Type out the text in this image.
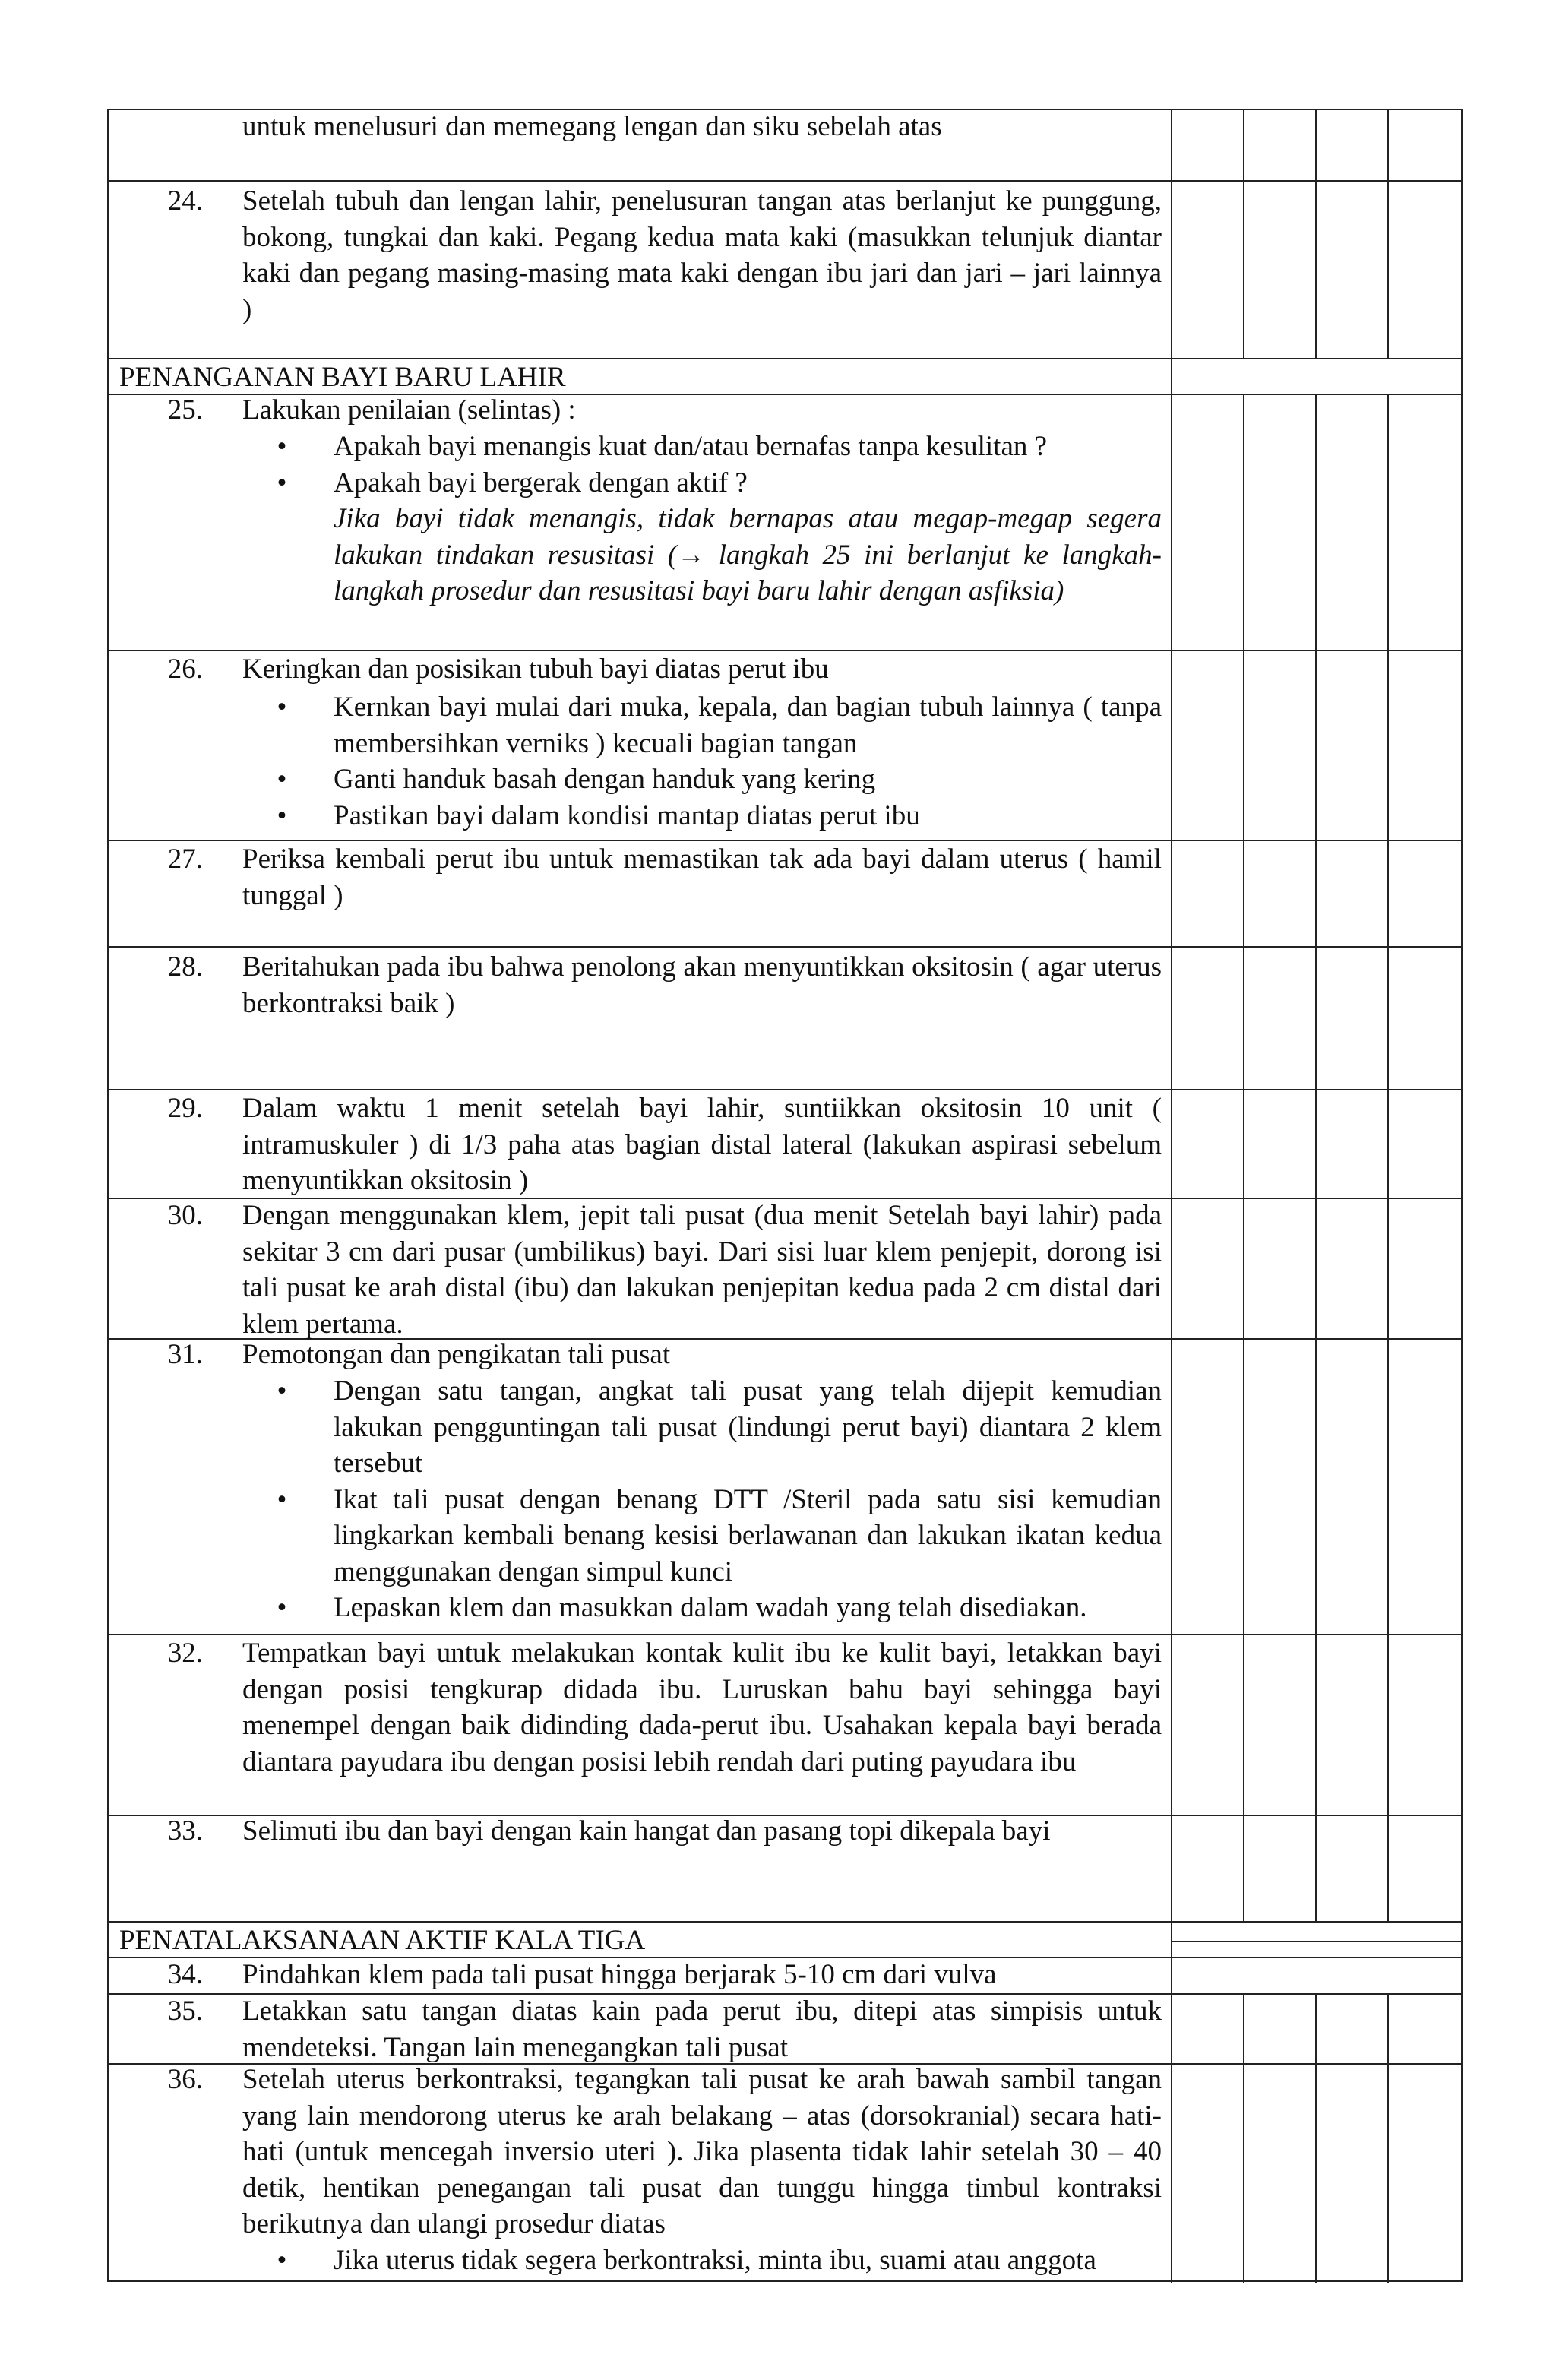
untuk menelusuri dan memegang lengan dan siku sebelah atas
24. Setelah tubuh dan lengan lahir, penelusuran tangan atas berlanjut ke punggung, bokong, tungkai dan kaki. Pegang kedua mata kaki (masukkan telunjuk diantar kaki dan pegang masing-masing mata kaki dengan ibu jari dan jari – jari lainnya )
PENANGANAN BAYI BARU LAHIR
25. Lakukan penilaian (selintas) :
• Apakah bayi menangis kuat dan/atau bernafas tanpa kesulitan ?
• Apakah bayi bergerak dengan aktif ?
Jika bayi tidak menangis, tidak bernapas atau megap-megap segera lakukan tindakan resusitasi (→ langkah 25 ini berlanjut ke langkah-langkah prosedur dan resusitasi bayi baru lahir dengan asfiksia)
26. Keringkan dan posisikan tubuh bayi diatas perut ibu
• Kernkan bayi mulai dari muka, kepala, dan bagian tubuh lainnya ( tanpa membersihkan verniks ) kecuali bagian tangan
• Ganti handuk basah dengan handuk yang kering
• Pastikan bayi dalam kondisi mantap diatas perut ibu
27. Periksa kembali perut ibu untuk memastikan tak ada bayi dalam uterus ( hamil tunggal )
28. Beritahukan pada ibu bahwa penolong akan menyuntikkan oksitosin ( agar uterus berkontraksi baik )
29. Dalam waktu 1 menit setelah bayi lahir, suntiikkan oksitosin 10 unit ( intramuskuler ) di 1/3 paha atas bagian distal lateral (lakukan aspirasi sebelum menyuntikkan oksitosin )
30. Dengan menggunakan klem, jepit tali pusat (dua menit Setelah bayi lahir) pada sekitar 3 cm dari pusar (umbilikus) bayi. Dari sisi luar klem penjepit, dorong isi tali pusat ke arah distal (ibu) dan lakukan penjepitan kedua pada 2 cm distal dari klem pertama.
31. Pemotongan dan pengikatan tali pusat
• Dengan satu tangan, angkat tali pusat yang telah dijepit kemudian lakukan pengguntingan tali pusat (lindungi perut bayi) diantara 2 klem tersebut
• Ikat tali pusat dengan benang DTT /Steril pada satu sisi kemudian lingkarkan kembali benang kesisi berlawanan dan lakukan ikatan kedua menggunakan dengan simpul kunci
• Lepaskan klem dan masukkan dalam wadah yang telah disediakan.
32. Tempatkan bayi untuk melakukan kontak kulit ibu ke kulit bayi, letakkan bayi dengan posisi tengkurap didada ibu. Luruskan bahu bayi sehingga bayi menempel dengan baik didinding dada-perut ibu. Usahakan kepala bayi berada diantara payudara ibu dengan posisi lebih rendah dari puting payudara ibu
33. Selimuti ibu dan bayi dengan kain hangat dan pasang topi dikepala bayi
PENATALAKSANAAN AKTIF KALA TIGA
34. Pindahkan klem pada tali pusat hingga berjarak 5-10 cm dari vulva
35. Letakkan satu tangan diatas kain pada perut ibu, ditepi atas simpisis untuk mendeteksi. Tangan lain menegangkan tali pusat
36. Setelah uterus berkontraksi, tegangkan tali pusat ke arah bawah sambil tangan yang lain mendorong uterus ke arah belakang – atas (dorsokranial) secara hati-hati (untuk mencegah inversio uteri ). Jika plasenta tidak lahir setelah 30 – 40 detik, hentikan penegangan tali pusat dan tunggu hingga timbul kontraksi berikutnya dan ulangi prosedur diatas
• Jika uterus tidak segera berkontraksi, minta ibu, suami atau anggota
